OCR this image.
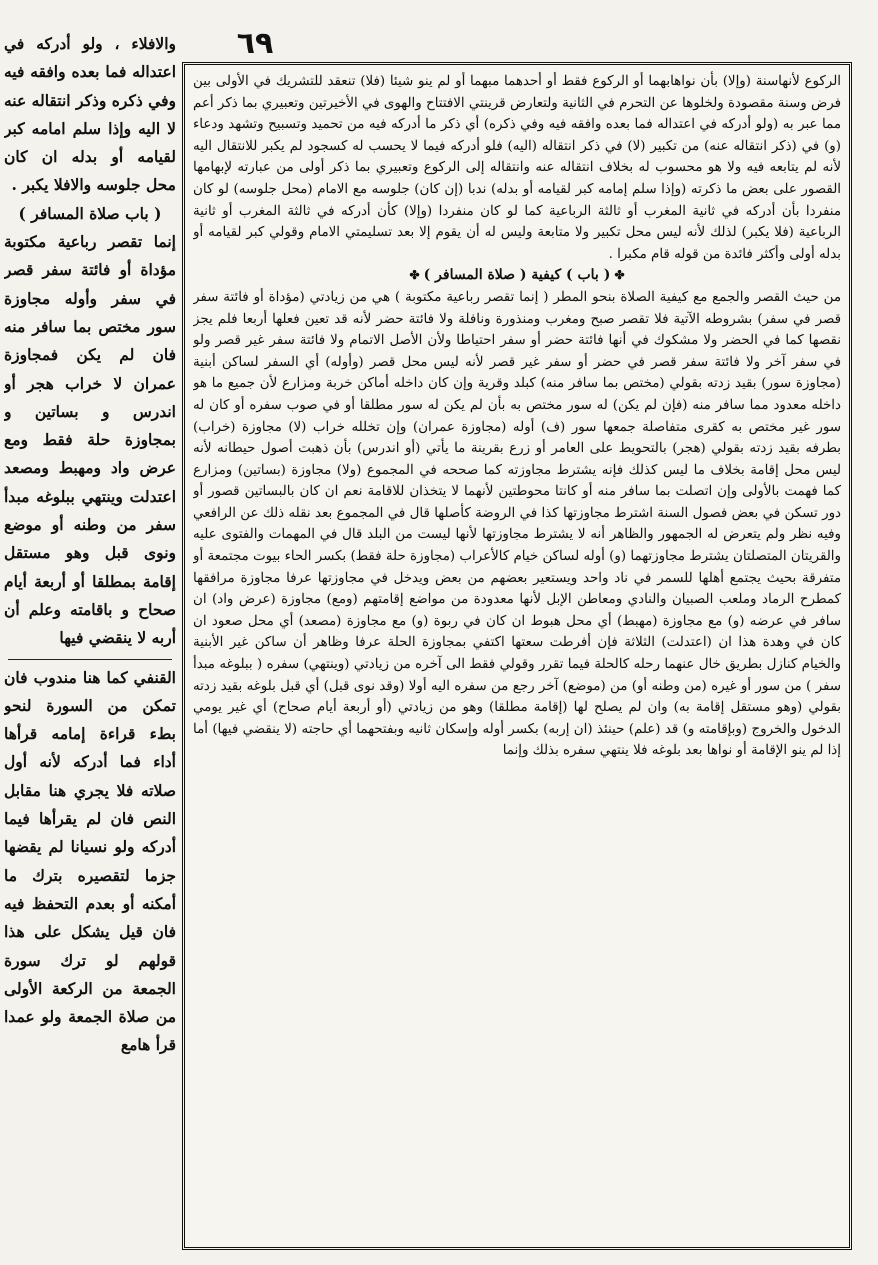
٦٩

والافلاء ، ولو أدركه في اعتداله فما بعده وافقه فيه وفي ذكره وذكر انتقاله عنه لا اليه وإذا سلم امامه كبر لقيامه أو بدله ان كان محل جلوسه والافلا يكبر .

( باب صلاة المسافر )

إنما تقصر رباعية مكتوبة مؤداة أو فائتة سفر قصر في سفر وأوله مجاوزة سور مختص بما سافر منه فان لم يكن فمجاوزة عمران لا خراب هجر أو اندرس و بساتين و بمجاوزة حلة فقط ومع عرض واد ومهبط ومصعد اعتدلت وينتهي ببلوغه مبدأ سفر من وطنه أو موضع ونوى قبل وهو مستقل إقامة بمطلقا أو أربعة أيام صحاح و باقامته وعلم أن أربه لا ينقضي فيها

القنفي كما هنا مندوب فان تمكن من السورة لنحو بطء قراءة إمامه قرأها أداء فما أدركه لأنه أول صلاته فلا يجري هنا مقابل النص فان لم يقرأها فيما أدركه ولو نسيانا لم يقضها جزما لتقصيره بترك ما أمكنه أو بعدم التحفظ فيه فان قيل يشكل على هذا قولهم لو ترك سورة الجمعة من الركعة الأولى من صلاة الجمعة ولو عمدا قرأ هامع

الركوع لأنهاسنة (وإلا) بأن نواهابهما أو الركوع فقط أو أحدهما مبهما أو لم ينو شيئا (فلا) تنعقد للتشريك في الأولى بين فرض وسنة مقصودة ولخلوها عن التحرم في الثانية ولتعارض قرينتي الافتتاح والهوى في الأخيرتين وتعبيري بما ذكر أعم مما عبر به (ولو أدركه في اعتداله فما بعده وافقه فيه وفي ذكره) أي ذكر ما أدركه فيه من تحميد وتسبيح وتشهد ودعاء (و) في (ذكر انتقاله عنه) من تكبير (لا) في ذكر انتقاله (اليه) فلو أدركه فيما لا يحسب له كسجود لم يكبر للانتقال اليه لأنه لم يتابعه فيه ولا هو محسوب له بخلاف انتقاله عنه وانتقاله إلى الركوع وتعبيري بما ذكر أولى من عبارته لإبهامها القصور على بعض ما ذكرته (وإذا سلم إمامه كبر لقيامه أو بدله) ندبا (إن كان) جلوسه مع الامام (محل جلوسه) لو كان منفردا بأن أدركه في ثانية المغرب أو ثالثة الرباعية كما لو كان منفردا (وإلا) كأن أدركه في ثالثة المغرب أو ثانية الرباعية (فلا يكبر) لذلك لأنه ليس محل تكبير ولا متابعة وليس له أن يقوم إلا بعد تسليمتي الامام وقولي كبر لقيامه أو بدله أولى وأكثر فائدة من قوله قام مكبرا .

✤ ( باب ) كيفية ( صلاة المسافر ) ✤

من حيث القصر والجمع مع كيفية الصلاة بنحو المطر ( إنما تقصر رباعية مكتوبة ) هي من زيادتي (مؤداة أو فائتة سفر قصر في سفر) بشروطه الآتية فلا تقصر صبح ومغرب ومنذورة ونافلة ولا فائتة حضر لأنه قد تعين فعلها أربعا فلم يجز نقصها كما في الحضر ولا مشكوك في أنها فائتة حضر أو سفر احتياطا ولأن الأصل الاتمام ولا فائتة سفر غير قصر ولو في سفر آخر ولا فائتة سفر قصر في حضر أو سفر غير قصر لأنه ليس محل قصر (وأوله) أي السفر لساكن أبنية (مجاوزة سور) بقيد زدته بقولي (مختص بما سافر منه) كبلد وقرية وإن كان داخله أماكن خربة ومزارع لأن جميع ما هو داخله معدود مما سافر منه (فإن لم يكن) له سور مختص به بأن لم يكن له سور مطلقا أو في صوب سفره أو كان له سور غير مختص به كقرى متفاصلة جمعها سور (ف) أوله (مجاوزة عمران) وإن تخلله خراب (لا) مجاوزة (خراب) بطرفه بقيد زدته بقولي (هجر) بالتحويط على العامر أو زرع بقرينة ما يأتي (أو اندرس) بأن ذهبت أصول حيطانه لأنه ليس محل إقامة بخلاف ما ليس كذلك فإنه يشترط مجاوزته كما صححه في المجموع (ولا) مجاوزة (بساتين) ومزارع كما فهمت بالأولى وإن اتصلت بما سافر منه أو كانتا محوطتين لأنهما لا يتخذان للاقامة نعم ان كان بالبساتين قصور أو دور تسكن في بعض فصول السنة اشترط مجاوزتها كذا في الروضة كأصلها قال في المجموع بعد نقله ذلك عن الرافعي وفيه نظر ولم يتعرض له الجمهور والظاهر أنه لا يشترط مجاوزتها لأنها ليست من البلد قال في المهمات والفتوى عليه والقريتان المتصلتان يشترط مجاوزتهما (و) أوله لساكن خيام كالأعراب (مجاوزة حلة فقط) بكسر الحاء بيوت مجتمعة أو متفرقة بحيث يجتمع أهلها للسمر في ناد واحد ويستعير بعضهم من بعض ويدخل في مجاوزتها عرفا مجاوزة مرافقها كمطرح الرماد وملعب الصبيان والنادي ومعاطن الإبل لأنها معدودة من مواضع إقامتهم (ومع) مجاوزة (عرض واد) ان سافر في عرضه (و) مع مجاوزة (مهبط) أي محل هبوط ان كان في ربوة (و) مع مجاوزة (مصعد) أي محل صعود ان كان في وهدة هذا ان (اعتدلت) الثلاثة فإن أفرطت سعتها اكتفي بمجاوزة الحلة عرفا وظاهر أن ساكن غير الأبنية والخيام كنازل بطريق خال عنهما رحله كالحلة فيما تقرر وقولي فقط الى آخره من زيادتي (وينتهي) سفره ( ببلوغه مبدأ سفر ) من سور أو غيره (من وطنه أو) من (موضع) آخر رجع من سفره اليه أولا (وقد نوى قبل) أي قبل بلوغه بقيد زدته بقولي (وهو مستقل إقامة به) وان لم يصلح لها (إقامة مطلقا) وهو من زيادتي (أو أربعة أيام صحاح) أي غير يومي الدخول والخروج (وبإقامته و) قد (علم) حينئذ (ان إربه) بكسر أوله وإسكان ثانيه وبفتحهما أي حاجته (لا ينقضي فيها) أما إذا لم ينو الإقامة أو نواها بعد بلوغه فلا ينتهي سفره بذلك وإنما
